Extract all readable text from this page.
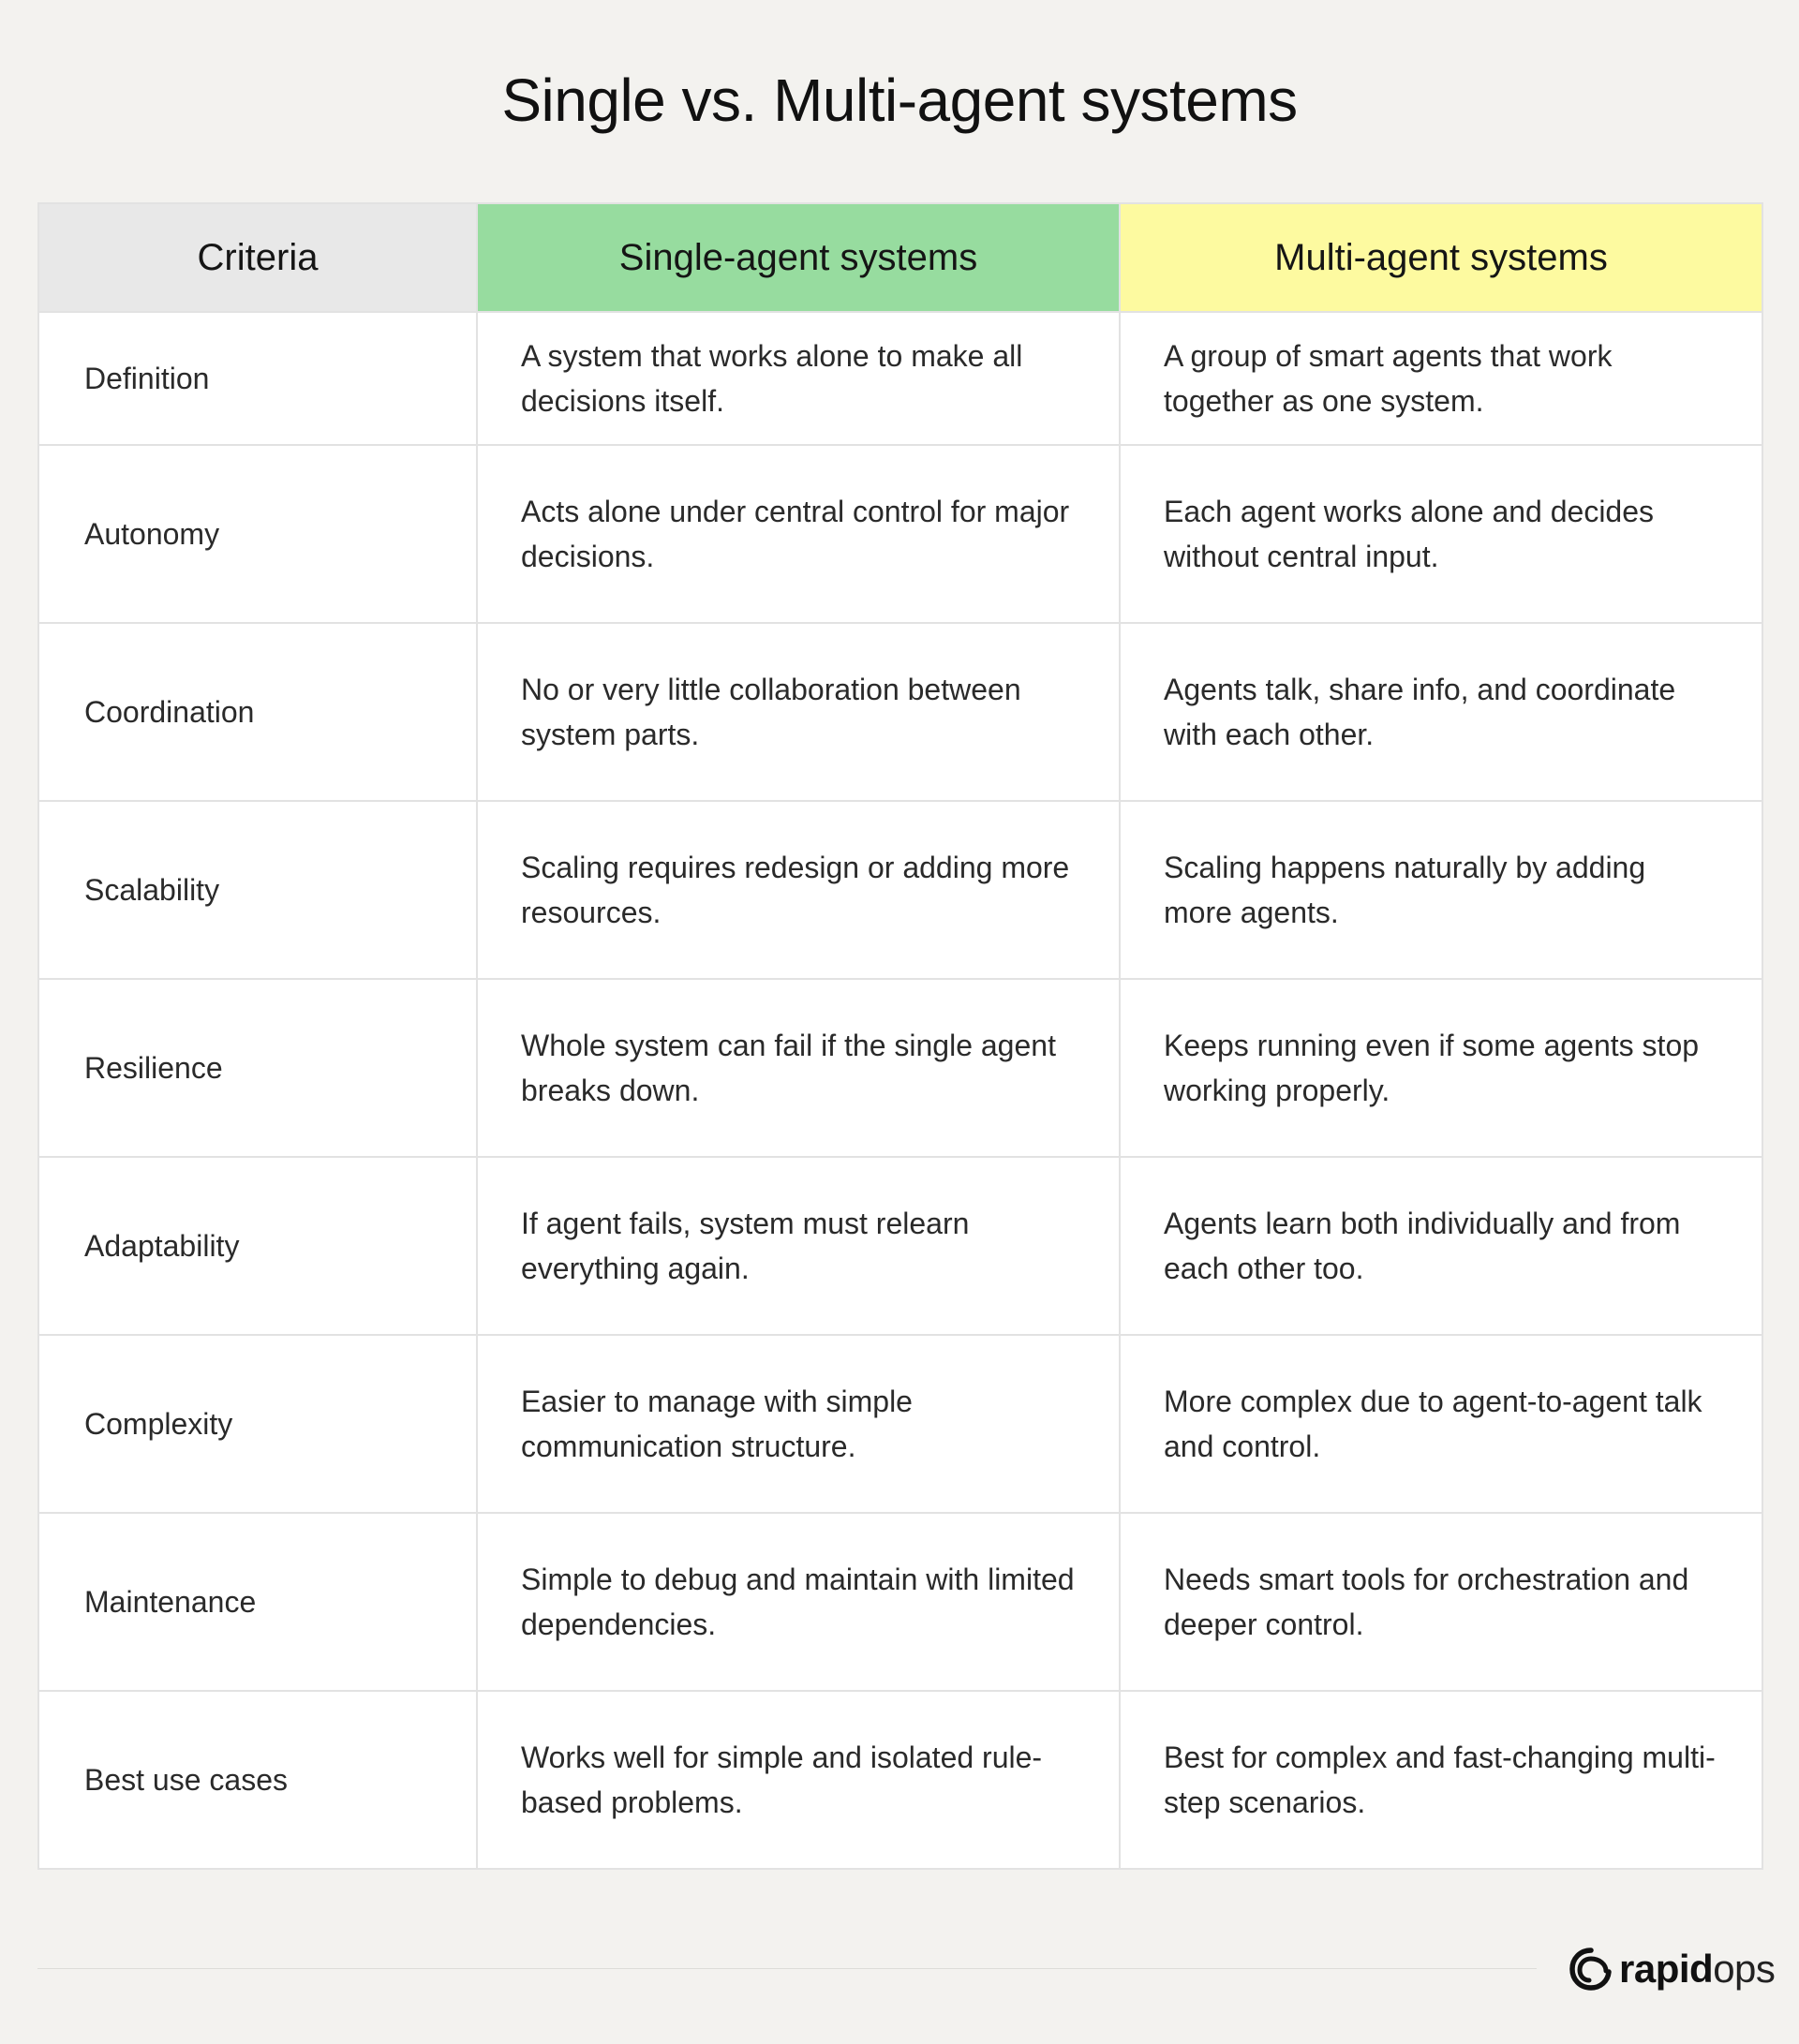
Single vs. Multi-agent systems
Criteria	Single-agent systems	Multi-agent systems
Definition	A system that works alone to make all decisions itself.	A group of smart agents that work together as one system.
Autonomy	Acts alone under central control for major decisions.	Each agent works alone and decides without central input.
Coordination	No or very little collaboration between system parts.	Agents talk, share info, and coordinate with each other.
Scalability	Scaling requires redesign or adding more resources.	Scaling happens naturally by adding more agents.
Resilience	Whole system can fail if the single agent breaks down.	Keeps running even if some agents stop working properly.
Adaptability	If agent fails, system must relearn everything again.	Agents learn both individually and from each other too.
Complexity	Easier to manage with simple communication structure.	More complex due to agent-to-agent talk and control.
Maintenance	Simple to debug and maintain with limited dependencies.	Needs smart tools for orchestration and deeper control.
Best use cases	Works well for simple and isolated rule-based problems.	Best for complex and fast-changing multi-step scenarios.
rapidops
